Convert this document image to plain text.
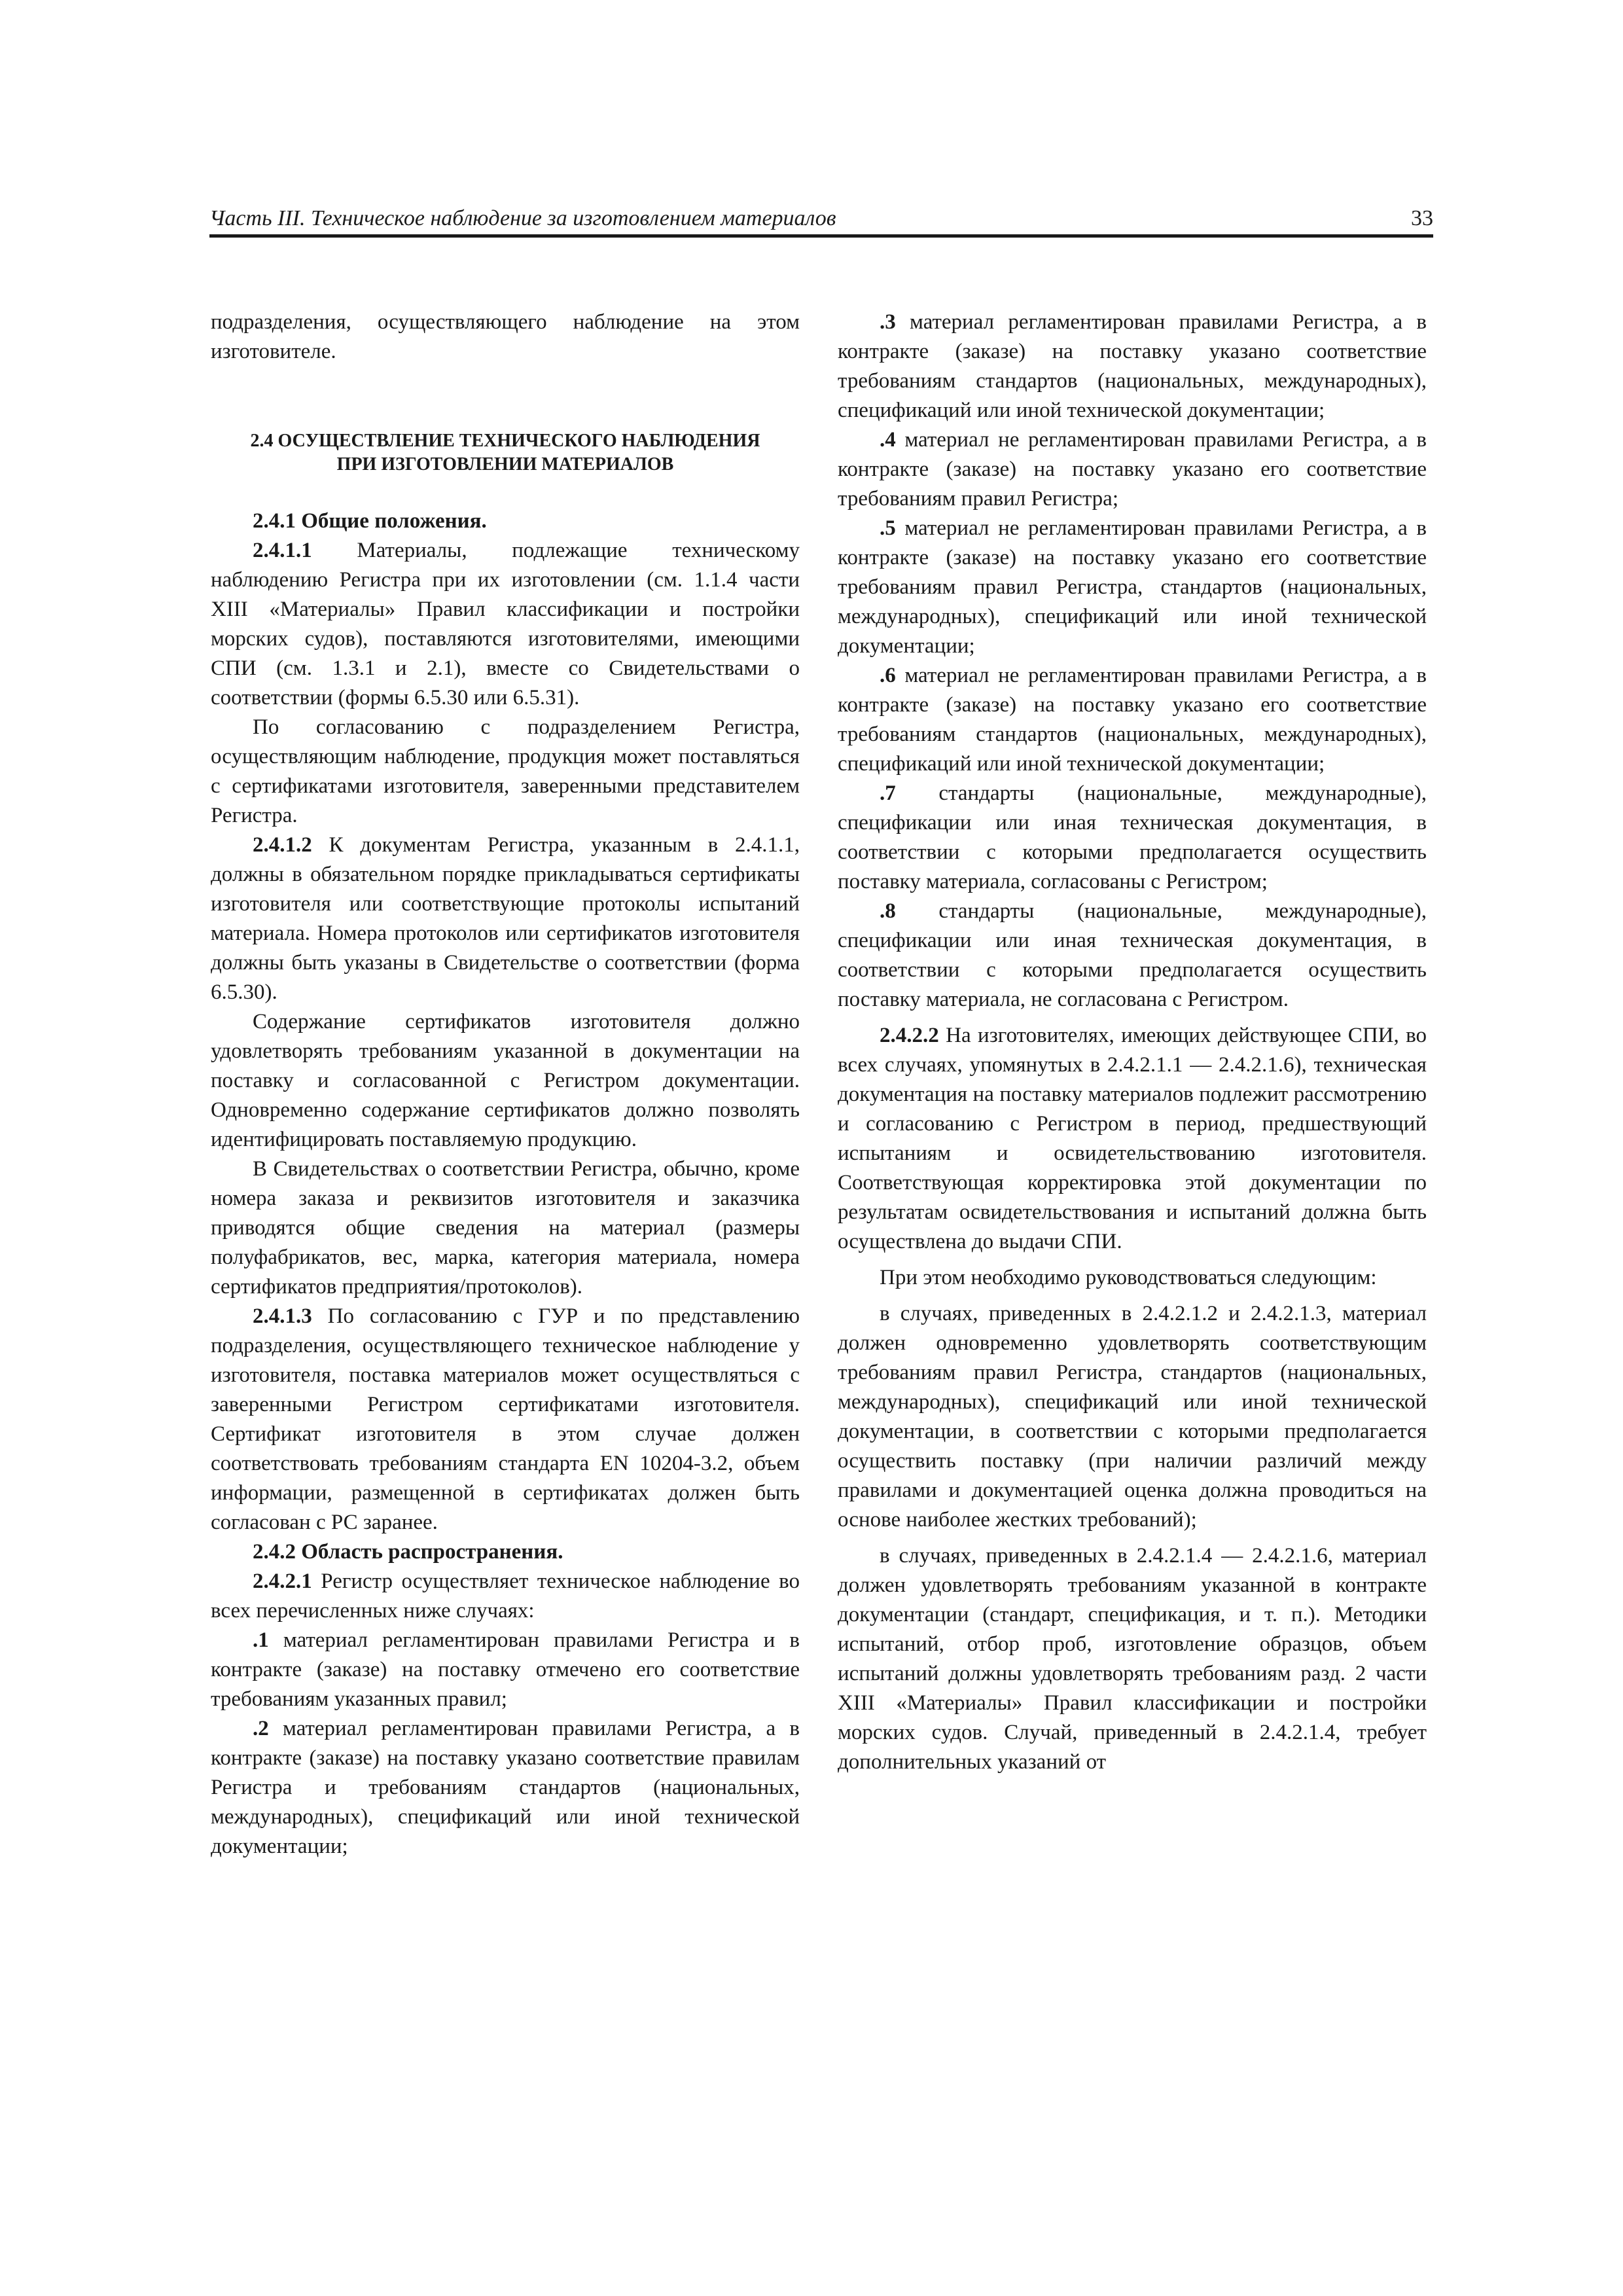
Часть III. Техническое наблюдение за изготовлением материалов	33

подразделения, осуществляющего наблюдение на этом изготовителе.

2.4 ОСУЩЕСТВЛЕНИЕ ТЕХНИЧЕСКОГО НАБЛЮДЕНИЯ
ПРИ ИЗГОТОВЛЕНИИ МАТЕРИАЛОВ

2.4.1 Общие положения.

2.4.1.1 Материалы, подлежащие техническому наблюдению Регистра при их изготовлении (см. 1.1.4 части XIII «Материалы» Правил классификации и постройки морских судов), поставляются изготовителями, имеющими СПИ (см. 1.3.1 и 2.1), вместе со Свидетельствами о соответствии (формы 6.5.30 или 6.5.31).

По согласованию с подразделением Регистра, осуществляющим наблюдение, продукция может поставляться с сертификатами изготовителя, заверенными представителем Регистра.

2.4.1.2 К документам Регистра, указанным в 2.4.1.1, должны в обязательном порядке прикладываться сертификаты изготовителя или соответствующие протоколы испытаний материала. Номера протоколов или сертификатов изготовителя должны быть указаны в Свидетельстве о соответствии (форма 6.5.30).

Содержание сертификатов изготовителя должно удовлетворять требованиям указанной в документации на поставку и согласованной с Регистром документации. Одновременно содержание сертификатов должно позволять идентифицировать поставляемую продукцию.

В Свидетельствах о соответствии Регистра, обычно, кроме номера заказа и реквизитов изготовителя и заказчика приводятся общие сведения на материал (размеры полуфабрикатов, вес, марка, категория материала, номера сертификатов предприятия/протоколов).

2.4.1.3 По согласованию с ГУР и по представлению подразделения, осуществляющего техническое наблюдение у изготовителя, поставка материалов может осуществляться с заверенными Регистром сертификатами изготовителя. Сертификат изготовителя в этом случае должен соответствовать требованиям стандарта EN 10204-3.2, объем информации, размещенной в сертификатах должен быть согласован с РС заранее.

2.4.2 Область распространения.

2.4.2.1 Регистр осуществляет техническое наблюдение во всех перечисленных ниже случаях:

.1 материал регламентирован правилами Регистра и в контракте (заказе) на поставку отмечено его соответствие требованиям указанных правил;

.2 материал регламентирован правилами Регистра, а в контракте (заказе) на поставку указано соответствие правилам Регистра и требованиям стандартов (национальных, международных), спецификаций или иной технической документации;

.3 материал регламентирован правилами Регистра, а в контракте (заказе) на поставку указано соответствие требованиям стандартов (национальных, международных), спецификаций или иной технической документации;

.4 материал не регламентирован правилами Регистра, а в контракте (заказе) на поставку указано его соответствие требованиям правил Регистра;

.5 материал не регламентирован правилами Регистра, а в контракте (заказе) на поставку указано его соответствие требованиям правил Регистра, стандартов (национальных, международных), спецификаций или иной технической документации;

.6 материал не регламентирован правилами Регистра, а в контракте (заказе) на поставку указано его соответствие требованиям стандартов (национальных, международных), спецификаций или иной технической документации;

.7 стандарты (национальные, международные), спецификации или иная техническая документация, в соответствии с которыми предполагается осуществить поставку материала, согласованы с Регистром;

.8 стандарты (национальные, международные), спецификации или иная техническая документация, в соответствии с которыми предполагается осуществить поставку материала, не согласована с Регистром.

2.4.2.2 На изготовителях, имеющих действующее СПИ, во всех случаях, упомянутых в 2.4.2.1.1 — 2.4.2.1.6), техническая документация на поставку материалов подлежит рассмотрению и согласованию с Регистром в период, предшествующий испытаниям и освидетельствованию изготовителя. Соответствующая корректировка этой документации по результатам освидетельствования и испытаний должна быть осуществлена до выдачи СПИ.

При этом необходимо руководствоваться следующим:

в случаях, приведенных в 2.4.2.1.2 и 2.4.2.1.3, материал должен одновременно удовлетворять соответствующим требованиям правил Регистра, стандартов (национальных, международных), спецификаций или иной технической документации, в соответствии с которыми предполагается осуществить поставку (при наличии различий между правилами и документацией оценка должна проводиться на основе наиболее жестких требований);

в случаях, приведенных в 2.4.2.1.4 — 2.4.2.1.6, материал должен удовлетворять требованиям указанной в контракте документации (стандарт, спецификация, и т. п.). Методики испытаний, отбор проб, изготовление образцов, объем испытаний должны удовлетворять требованиям разд. 2 части XIII «Материалы» Правил классификации и постройки морских судов. Случай, приведенный в 2.4.2.1.4, требует дополнительных указаний от
